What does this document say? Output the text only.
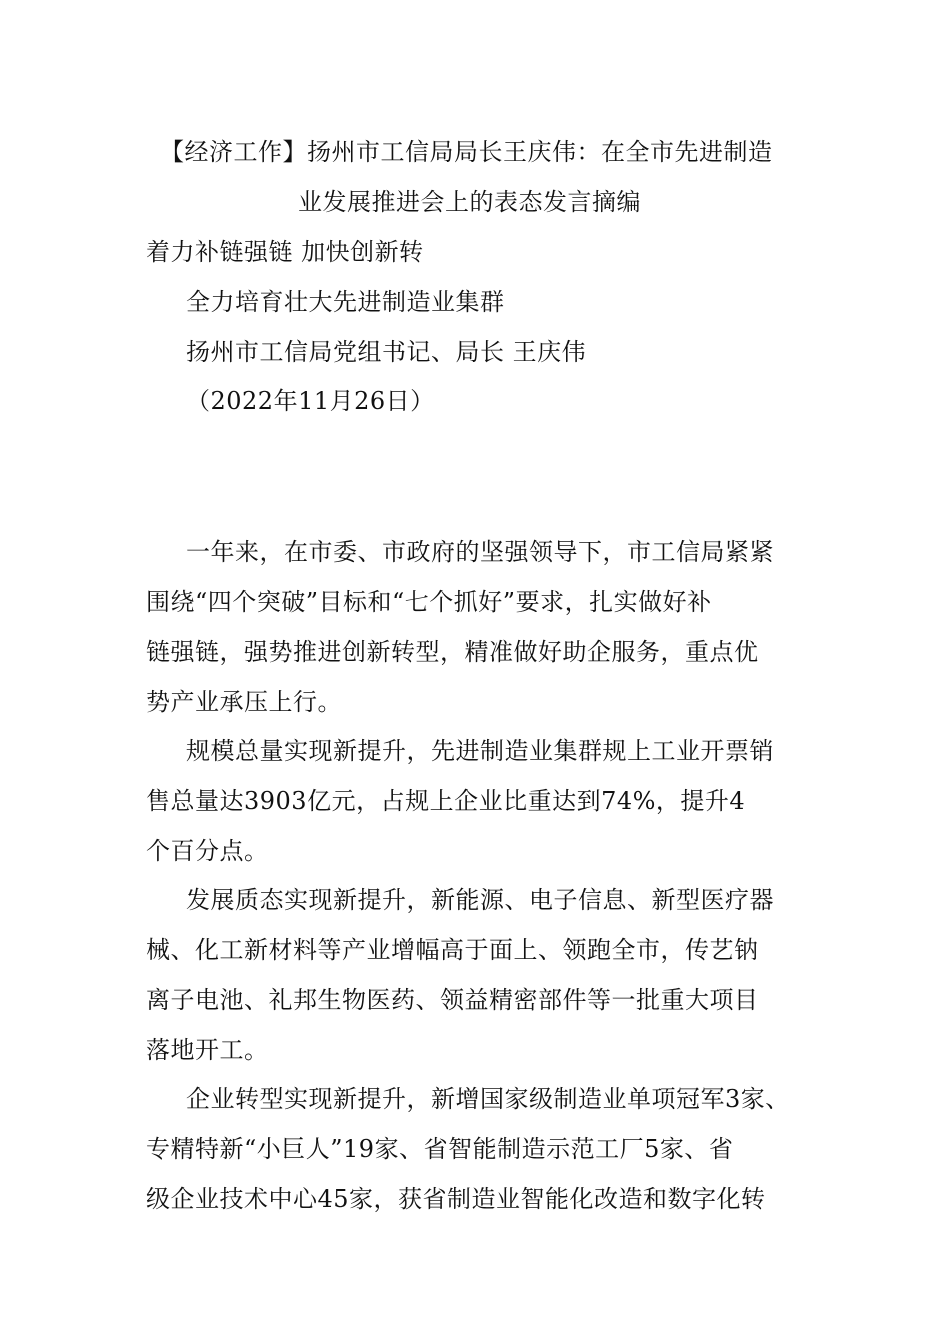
【经济工作】扬州市工信局局长王庆伟：在全市先进制造
业发展推进会上的表态发言摘编
着力补链强链 加快创新转
全力培育壮大先进制造业集群
扬州市工信局党组书记、局长 王庆伟
（2022年11月26日）
一年来，在市委、市政府的坚强领导下，市工信局紧紧
围绕“四个突破”目标和“七个抓好”要求，扎实做好补
链强链，强势推进创新转型，精准做好助企服务，重点优
势产业承压上行。
规模总量实现新提升，先进制造业集群规上工业开票销
售总量达3903亿元，占规上企业比重达到74%，提升4
个百分点。
发展质态实现新提升，新能源、电子信息、新型医疗器
械、化工新材料等产业增幅高于面上、领跑全市，传艺钠
离子电池、礼邦生物医药、领益精密部件等一批重大项目
落地开工。
企业转型实现新提升，新增国家级制造业单项冠军3家、
专精特新“小巨人”19家、省智能制造示范工厂5家、省
级企业技术中心45家，获省制造业智能化改造和数字化转
